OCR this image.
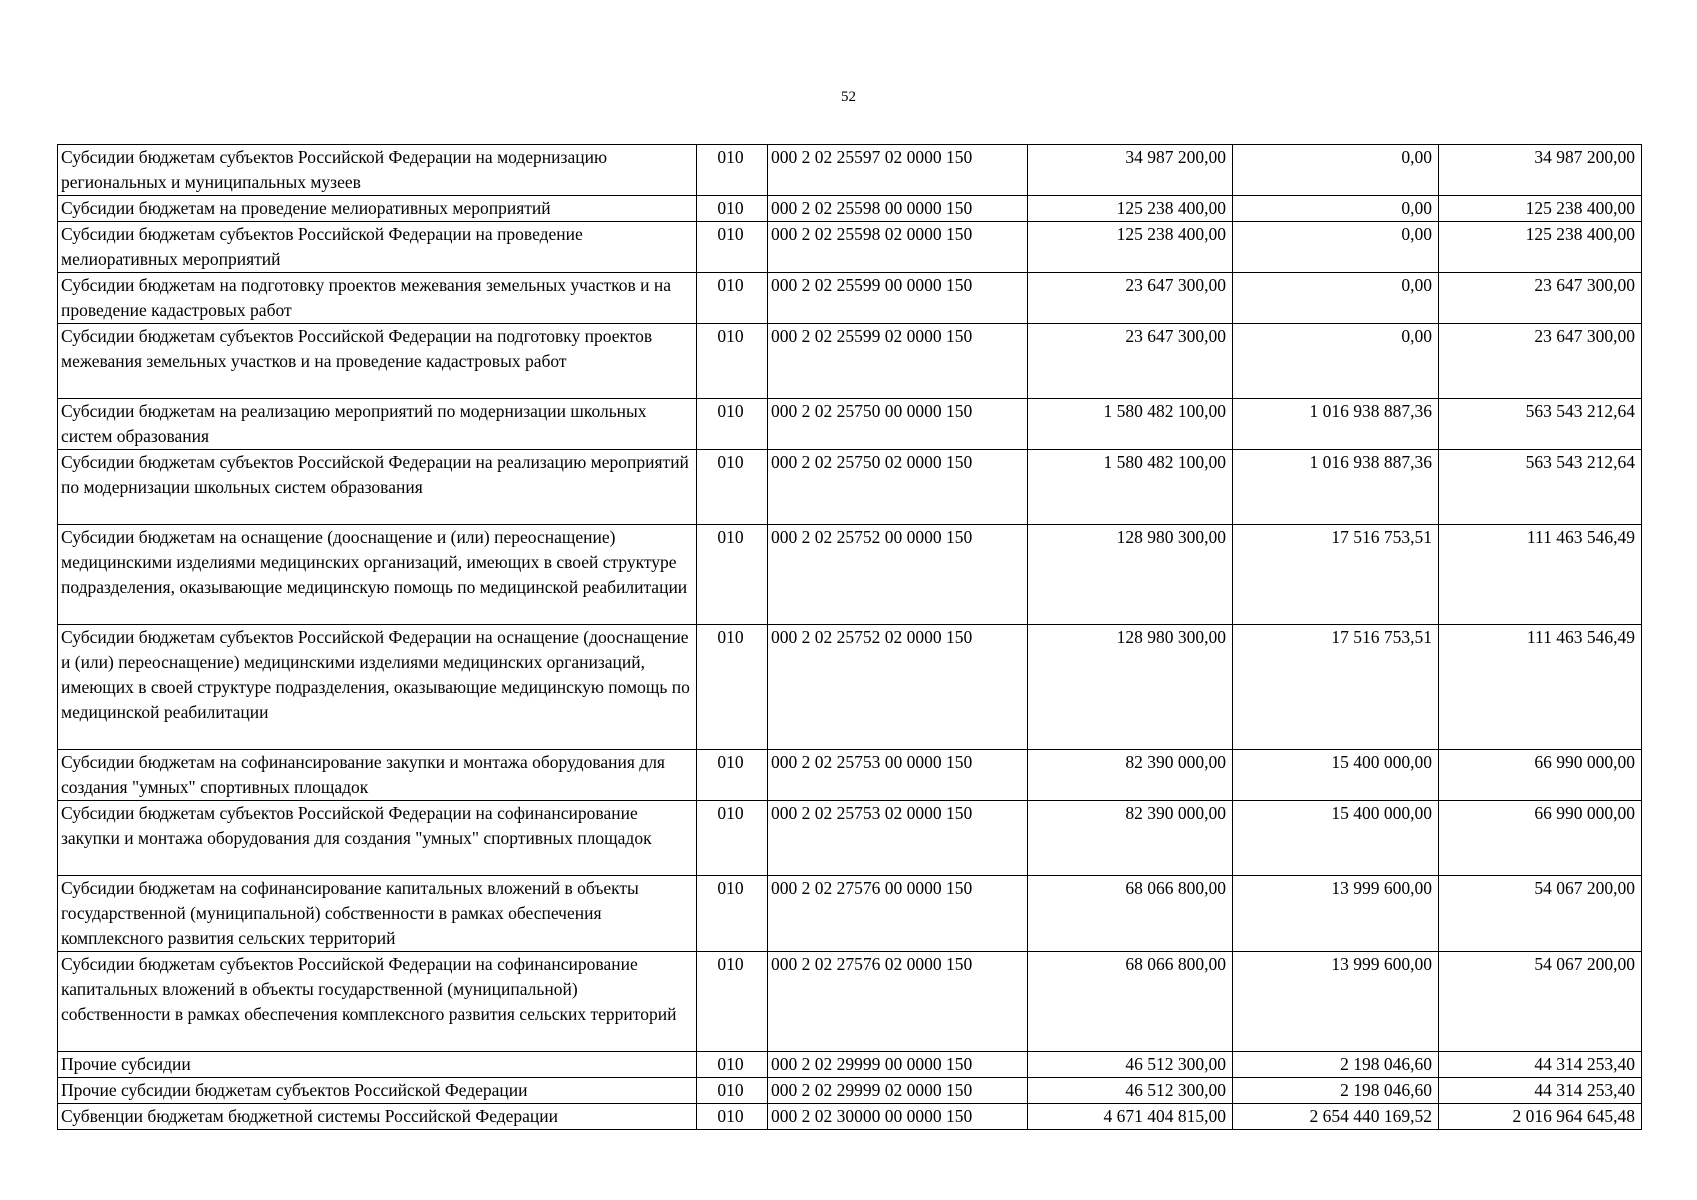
52
Субсидии бюджетам субъектов Российской Федерации на модернизацию региональных и муниципальных музеев	010	000 2 02 25597 02 0000 150	34 987 200,00	0,00	34 987 200,00
Субсидии бюджетам на проведение мелиоративных мероприятий	010	000 2 02 25598 00 0000 150	125 238 400,00	0,00	125 238 400,00
Субсидии бюджетам субъектов Российской Федерации на проведение мелиоративных мероприятий	010	000 2 02 25598 02 0000 150	125 238 400,00	0,00	125 238 400,00
Субсидии бюджетам на подготовку проектов межевания земельных участков и на проведение кадастровых работ	010	000 2 02 25599 00 0000 150	23 647 300,00	0,00	23 647 300,00
Субсидии бюджетам субъектов Российской Федерации на подготовку проектов межевания земельных участков и на проведение кадастровых работ	010	000 2 02 25599 02 0000 150	23 647 300,00	0,00	23 647 300,00
Субсидии бюджетам на реализацию мероприятий по модернизации школьных систем образования	010	000 2 02 25750 00 0000 150	1 580 482 100,00	1 016 938 887,36	563 543 212,64
Субсидии бюджетам субъектов Российской Федерации на реализацию мероприятий по модернизации школьных систем образования	010	000 2 02 25750 02 0000 150	1 580 482 100,00	1 016 938 887,36	563 543 212,64
Субсидии бюджетам на оснащение (дооснащение и (или) переоснащение) медицинскими изделиями медицинских организаций, имеющих в своей структуре подразделения, оказывающие медицинскую помощь по медицинской реабилитации	010	000 2 02 25752 00 0000 150	128 980 300,00	17 516 753,51	111 463 546,49
Субсидии бюджетам субъектов Российской Федерации на оснащение (дооснащение и (или) переоснащение) медицинскими изделиями медицинских организаций, имеющих в своей структуре подразделения, оказывающие медицинскую помощь по медицинской реабилитации	010	000 2 02 25752 02 0000 150	128 980 300,00	17 516 753,51	111 463 546,49
Субсидии бюджетам на софинансирование закупки и монтажа оборудования для создания "умных" спортивных площадок	010	000 2 02 25753 00 0000 150	82 390 000,00	15 400 000,00	66 990 000,00
Субсидии бюджетам субъектов Российской Федерации на софинансирование закупки и монтажа оборудования для создания "умных" спортивных площадок	010	000 2 02 25753 02 0000 150	82 390 000,00	15 400 000,00	66 990 000,00
Субсидии бюджетам на софинансирование капитальных вложений в объекты государственной (муниципальной) собственности в рамках обеспечения комплексного развития сельских территорий	010	000 2 02 27576 00 0000 150	68 066 800,00	13 999 600,00	54 067 200,00
Субсидии бюджетам субъектов Российской Федерации на софинансирование капитальных вложений в объекты государственной (муниципальной) собственности в рамках обеспечения комплексного развития сельских территорий	010	000 2 02 27576 02 0000 150	68 066 800,00	13 999 600,00	54 067 200,00
Прочие субсидии	010	000 2 02 29999 00 0000 150	46 512 300,00	2 198 046,60	44 314 253,40
Прочие субсидии бюджетам субъектов Российской Федерации	010	000 2 02 29999 02 0000 150	46 512 300,00	2 198 046,60	44 314 253,40
Субвенции бюджетам бюджетной системы Российской Федерации	010	000 2 02 30000 00 0000 150	4 671 404 815,00	2 654 440 169,52	2 016 964 645,48
